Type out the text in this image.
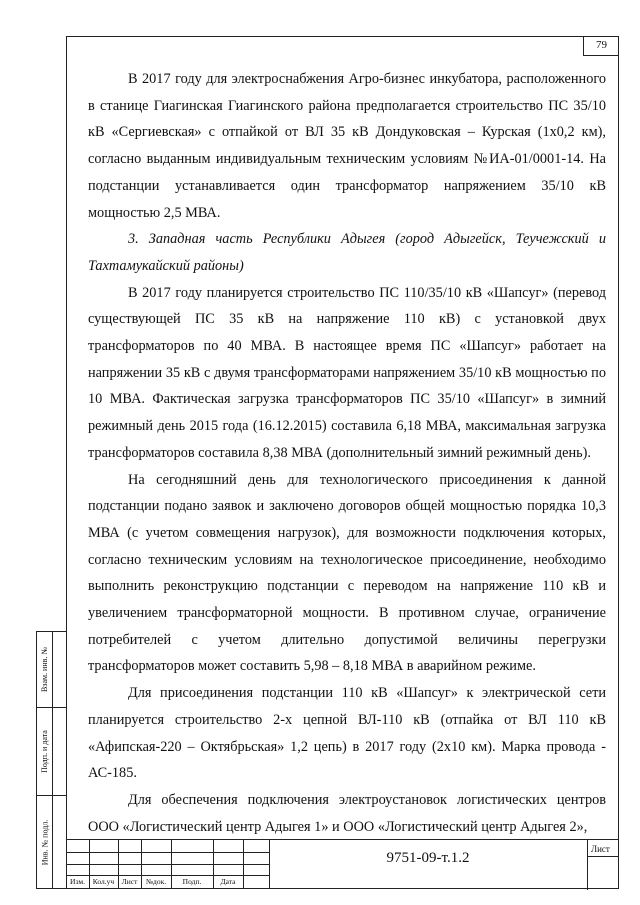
79

В 2017 году для электроснабжения Агро-бизнес инкубатора, расположенного в станице Гиагинская Гиагинского района предполагается строительство ПС 35/10 кВ «Сергиевская» с отпайкой от ВЛ 35 кВ Дондуковская – Курская (1х0,2 км), согласно выданным индивидуальным техническим условиям №ИА-01/0001-14. На подстанции устанавливается один трансформатор напряжением 35/10 кВ мощностью 2,5 МВА.

3. Западная часть Республики Адыгея (город Адыгейск, Теучежский и Тахтамукайский районы)

В 2017 году планируется строительство ПС 110/35/10 кВ «Шапсуг» (перевод существующей ПС 35 кВ на напряжение 110 кВ) с установкой двух трансформаторов по 40 МВА. В настоящее время ПС «Шапсуг» работает на напряжении 35 кВ с двумя трансформаторами напряжением 35/10 кВ мощностью по 10 МВА. Фактическая загрузка трансформаторов ПС 35/10 «Шапсуг» в зимний режимный день 2015 года (16.12.2015) составила 6,18 МВА, максимальная загрузка трансформаторов составила 8,38 МВА (дополнительный зимний режимный день).

На сегодняшний день для технологического присоединения к данной подстанции подано заявок и заключено договоров общей мощностью порядка 10,3 МВА (с учетом совмещения нагрузок), для возможности подключения которых, согласно техническим условиям на технологическое присоединение, необходимо выполнить реконструкцию подстанции с переводом на напряжение 110 кВ и увеличением трансформаторной мощности. В противном случае, ограничение потребителей с учетом длительно допустимой величины перегрузки трансформаторов может составить 5,98 – 8,18 МВА в аварийном режиме.

Для присоединения подстанции 110 кВ «Шапсуг» к электрической сети планируется строительство 2-х цепной ВЛ-110 кВ (отпайка от ВЛ 110 кВ «Афипская-220 – Октябрьская» 1,2 цепь) в 2017 году (2х10 км). Марка провода - АС-185.

Для обеспечения подключения электроустановок логистических центров ООО «Логистический центр Адыгея 1» и ООО «Логистический центр Адыгея 2»,

Изм.	Кол.уч Лист	№док.	Подп.	Дата
9751-09-т.1.2
Лист
Взам. инв. №
Подп. и дата
Инв. № подл.
